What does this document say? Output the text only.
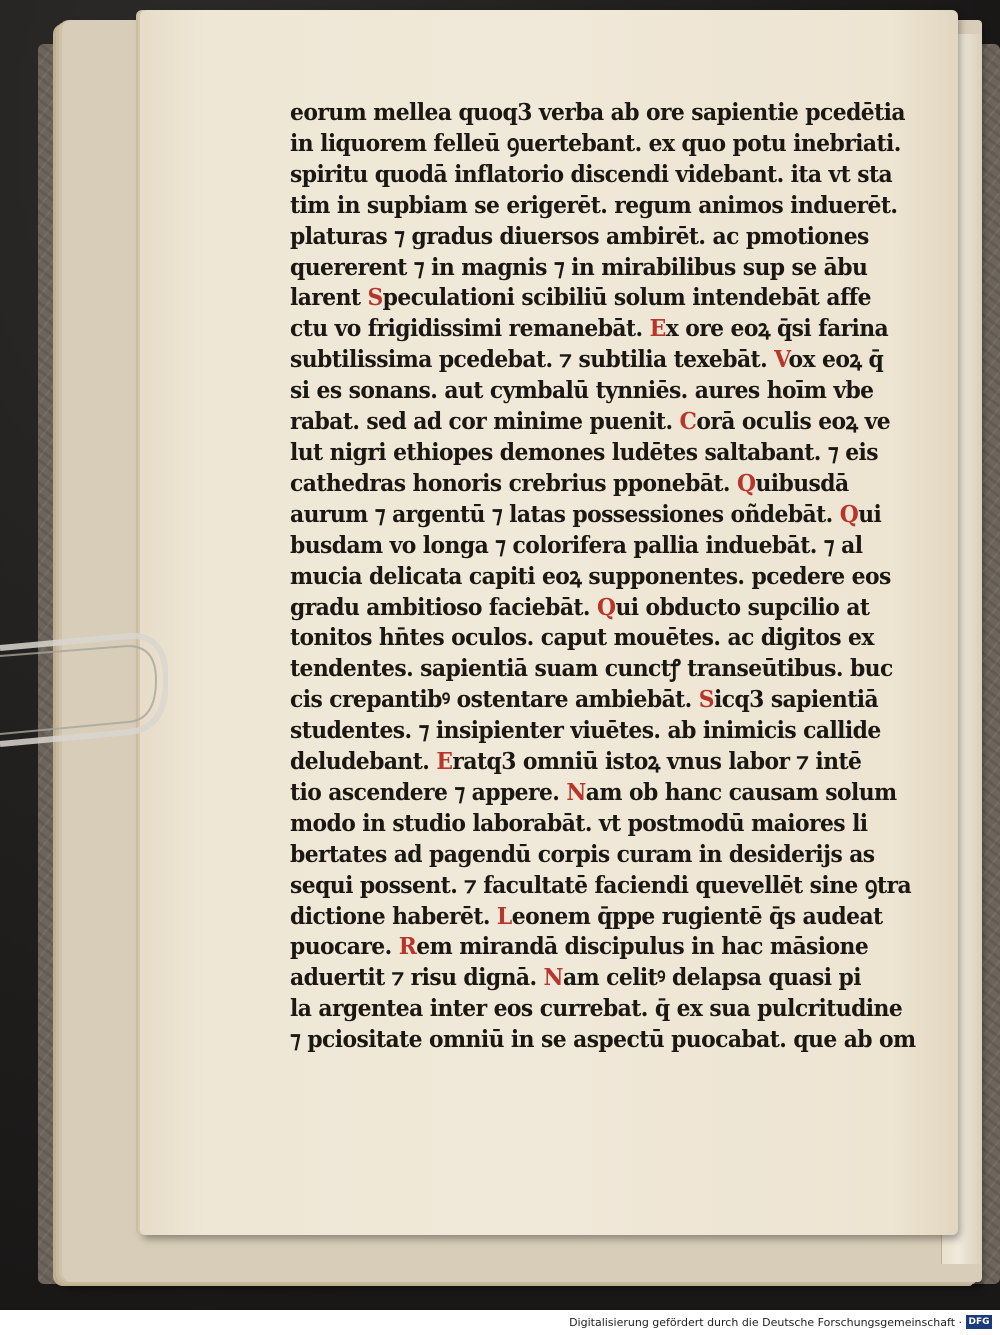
eorum mellea quoq3 verba ab ore sapientie pcedētia
in liquorem felleū ꝯuertebant. ex quo potu inebriati.
spiritu quodā inflatorio discendi videbant. ita vt sta
tim in supbiam se erigerēt. regum animos induerēt.
platuras ⁊ gradus diuersos ambirēt. ac pmotiones
quererent ⁊ in magnis ⁊ in mirabilibus sup se ābu
larent Speculationi scibiliū solum intendebāt affe
ctu vo frigidissimi remanebāt. Ex ore eoꝝ q̄si farina
subtilissima pcedebat. ⁊ subtilia texebāt. Vox eoꝝ q̄
si es sonans. aut cymbalū tynniēs. aures hoīm vbe
rabat. sed ad cor minime puenit. Corā oculis eoꝝ ve
lut nigri ethiopes demones ludētes saltabant. ⁊ eis
cathedras honoris crebrius pponebāt. Quibusdā
aurum ⁊ argentū ⁊ latas possessiones oñdebāt. Qui
busdam vo longa ⁊ colorifera pallia induebāt. ⁊ al
mucia delicata capiti eoꝝ supponentes. pcedere eos
gradu ambitioso faciebāt. Qui obducto supcilio at
tonitos hn̄tes oculos. caput mouētes. ac digitos ex
tendentes. sapientiā suam cunctꝭ transeūtibus. buc
cis crepantibꝰ ostentare ambiebāt. Sicq3 sapientiā
studentes. ⁊ insipienter viuētes. ab inimicis callide
deludebant. Eratq3 omniū istoꝝ vnus labor ⁊ intē
tio ascendere ⁊ appere. Nam ob hanc causam solum
modo in studio laborabāt. vt postmodū maiores li
bertates ad pagendū corpis curam in desiderijs as
sequi possent. ⁊ facultatē faciendi quevellēt sine ꝯtra
dictione haberēt. Leonem q̄ppe rugientē q̄s audeat
puocare. Rem mirandā discipulus in hac māsione
aduertit ⁊ risu dignā. Nam celitꝰ delapsa quasi pi
la argentea inter eos currebat. q̄ ex sua pulcritudine
⁊ pciositate omniū in se aspectū puocabat. que ab om
Digitalisierung gefördert durch die Deutsche Forschungsgemeinschaft · DFG
